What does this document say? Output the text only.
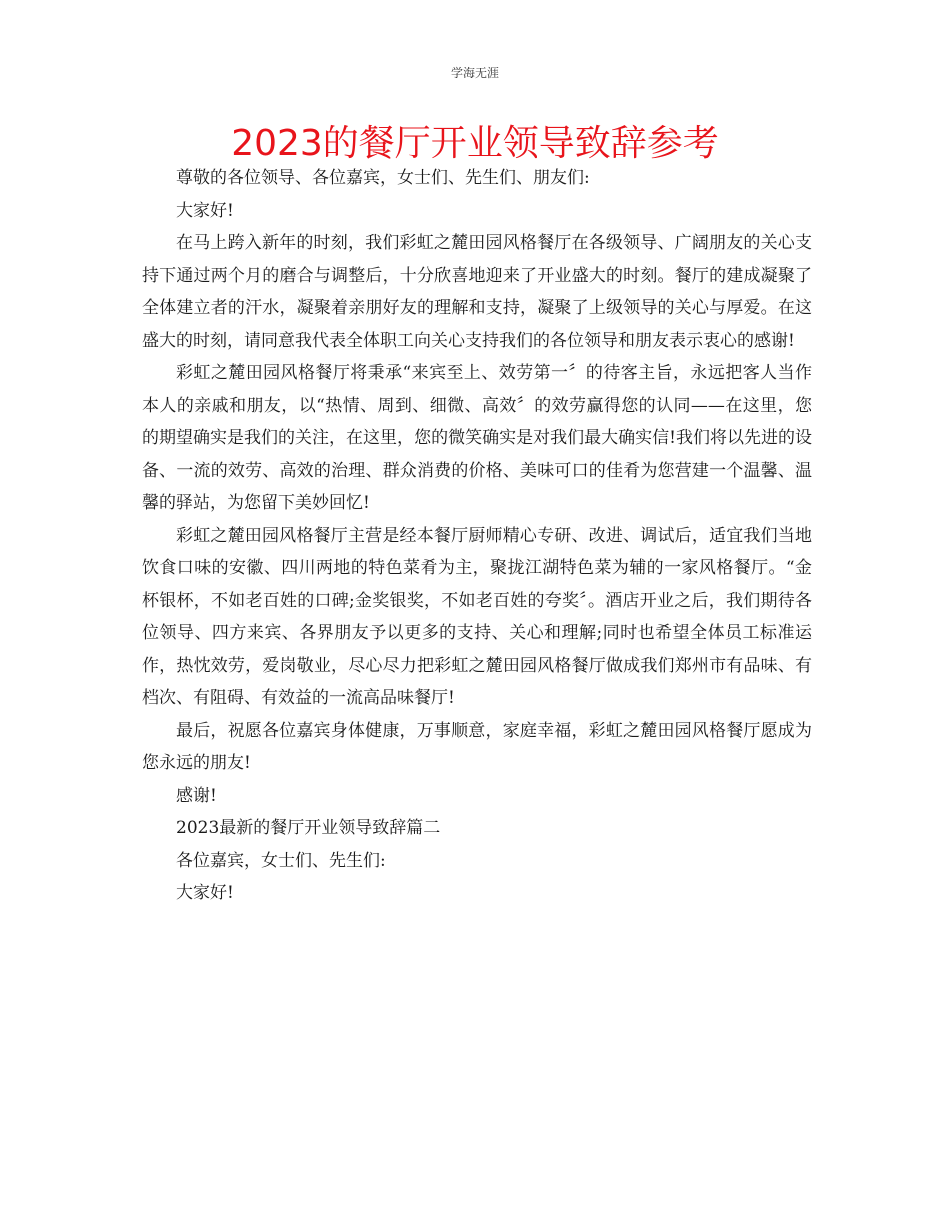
学海无涯
2023的餐厅开业领导致辞参考

尊敬的各位领导、各位嘉宾，女士们、先生们、朋友们:

大家好!

在马上跨入新年的时刻，我们彩虹之麓田园风格餐厅在各级领导、广阔朋友的关心支持下通过两个月的磨合与调整后，十分欣喜地迎来了开业盛大的时刻。餐厅的建成凝聚了全体建立者的汗水，凝聚着亲朋好友的理解和支持，凝聚了上级领导的关心与厚爱。在这盛大的时刻，请同意我代表全体职工向关心支持我们的各位领导和朋友表示衷心的感谢!

彩虹之麓田园风格餐厅将秉承“来宾至上、效劳第一〞的待客主旨，永远把客人当作本人的亲戚和朋友，以“热情、周到、细微、高效〞的效劳赢得您的认同——在这里，您的期望确实是我们的关注，在这里，您的微笑确实是对我们最大确实信!我们将以先进的设备、一流的效劳、高效的治理、群众消费的价格、美味可口的佳肴为您营建一个温馨、温馨的驿站，为您留下美妙回忆!

彩虹之麓田园风格餐厅主营是经本餐厅厨师精心专研、改进、调试后，适宜我们当地饮食口味的安徽、四川两地的特色菜肴为主，聚拢江湖特色菜为辅的一家风格餐厅。“金杯银杯，不如老百姓的口碑;金奖银奖，不如老百姓的夸奖〞。酒店开业之后，我们期待各位领导、四方来宾、各界朋友予以更多的支持、关心和理解;同时也希望全体员工标准运作，热忱效劳，爱岗敬业，尽心尽力把彩虹之麓田园风格餐厅做成我们郑州市有品味、有档次、有阻碍、有效益的一流高品味餐厅!

最后，祝愿各位嘉宾身体健康，万事顺意，家庭幸福，彩虹之麓田园风格餐厅愿成为您永远的朋友!

感谢!

2023最新的餐厅开业领导致辞篇二

各位嘉宾，女士们、先生们:

大家好!
